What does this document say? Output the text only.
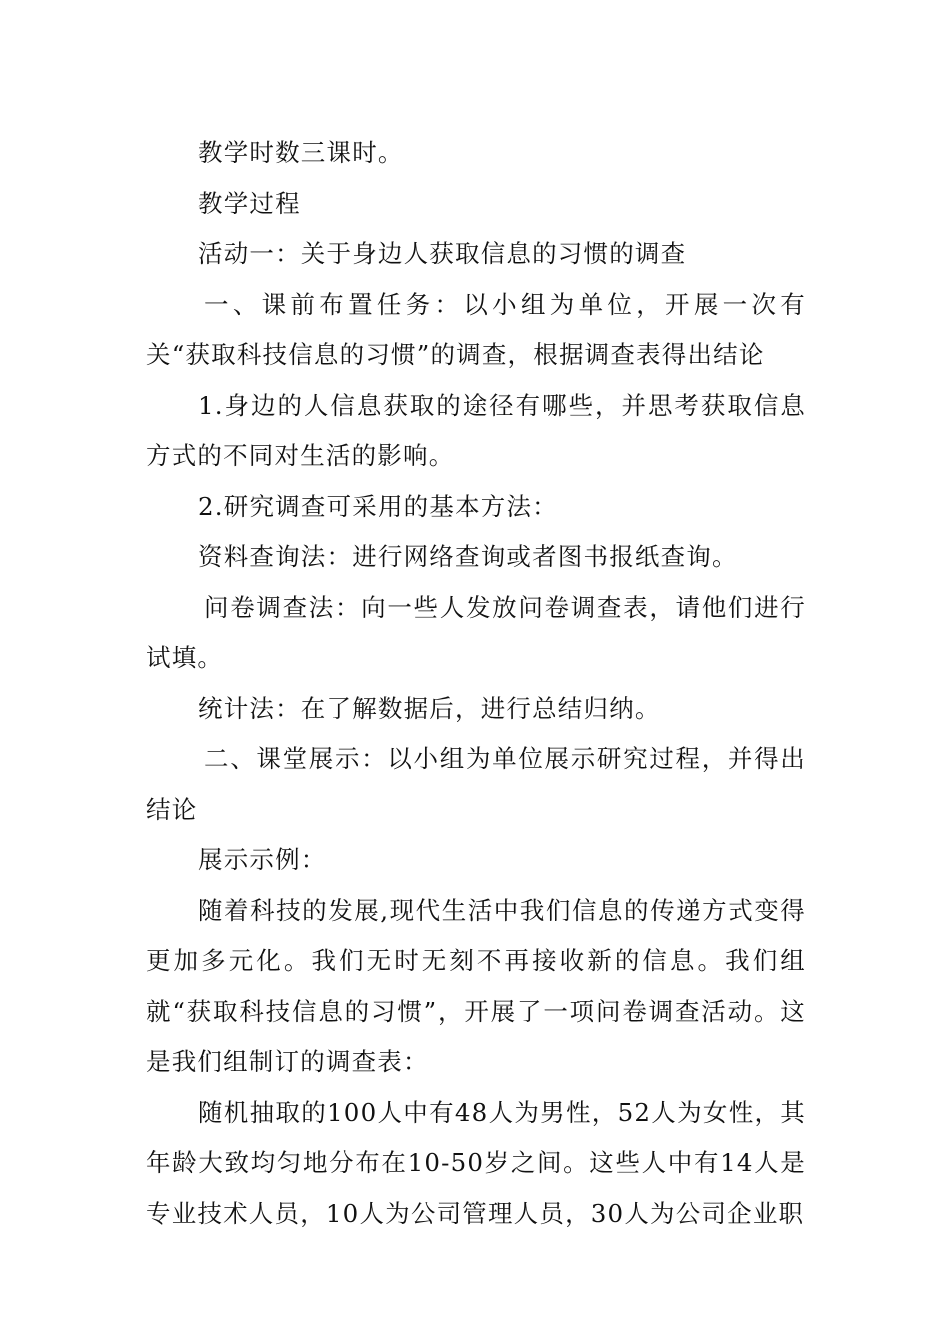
教学时数三课时。

教学过程

活动一：关于身边人获取信息的习惯的调查

一、课前布置任务：以小组为单位，开展一次有关“获取科技信息的习惯”的调查，根据调查表得出结论

1.身边的人信息获取的途径有哪些，并思考获取信息方式的不同对生活的影响。

2.研究调查可采用的基本方法：

资料查询法：进行网络查询或者图书报纸查询。

问卷调查法：向一些人发放问卷调查表，请他们进行试填。

统计法：在了解数据后，进行总结归纳。

二、课堂展示：以小组为单位展示研究过程，并得出结论

展示示例：

随着科技的发展,现代生活中我们信息的传递方式变得更加多元化。我们无时无刻不再接收新的信息。我们组就“获取科技信息的习惯”，开展了一项问卷调查活动。这是我们组制订的调查表：

随机抽取的100人中有48人为男性，52人为女性，其年龄大致均匀地分布在10-50岁之间。这些人中有14人是专业技术人员，10人为公司管理人员，30人为公司企业职
